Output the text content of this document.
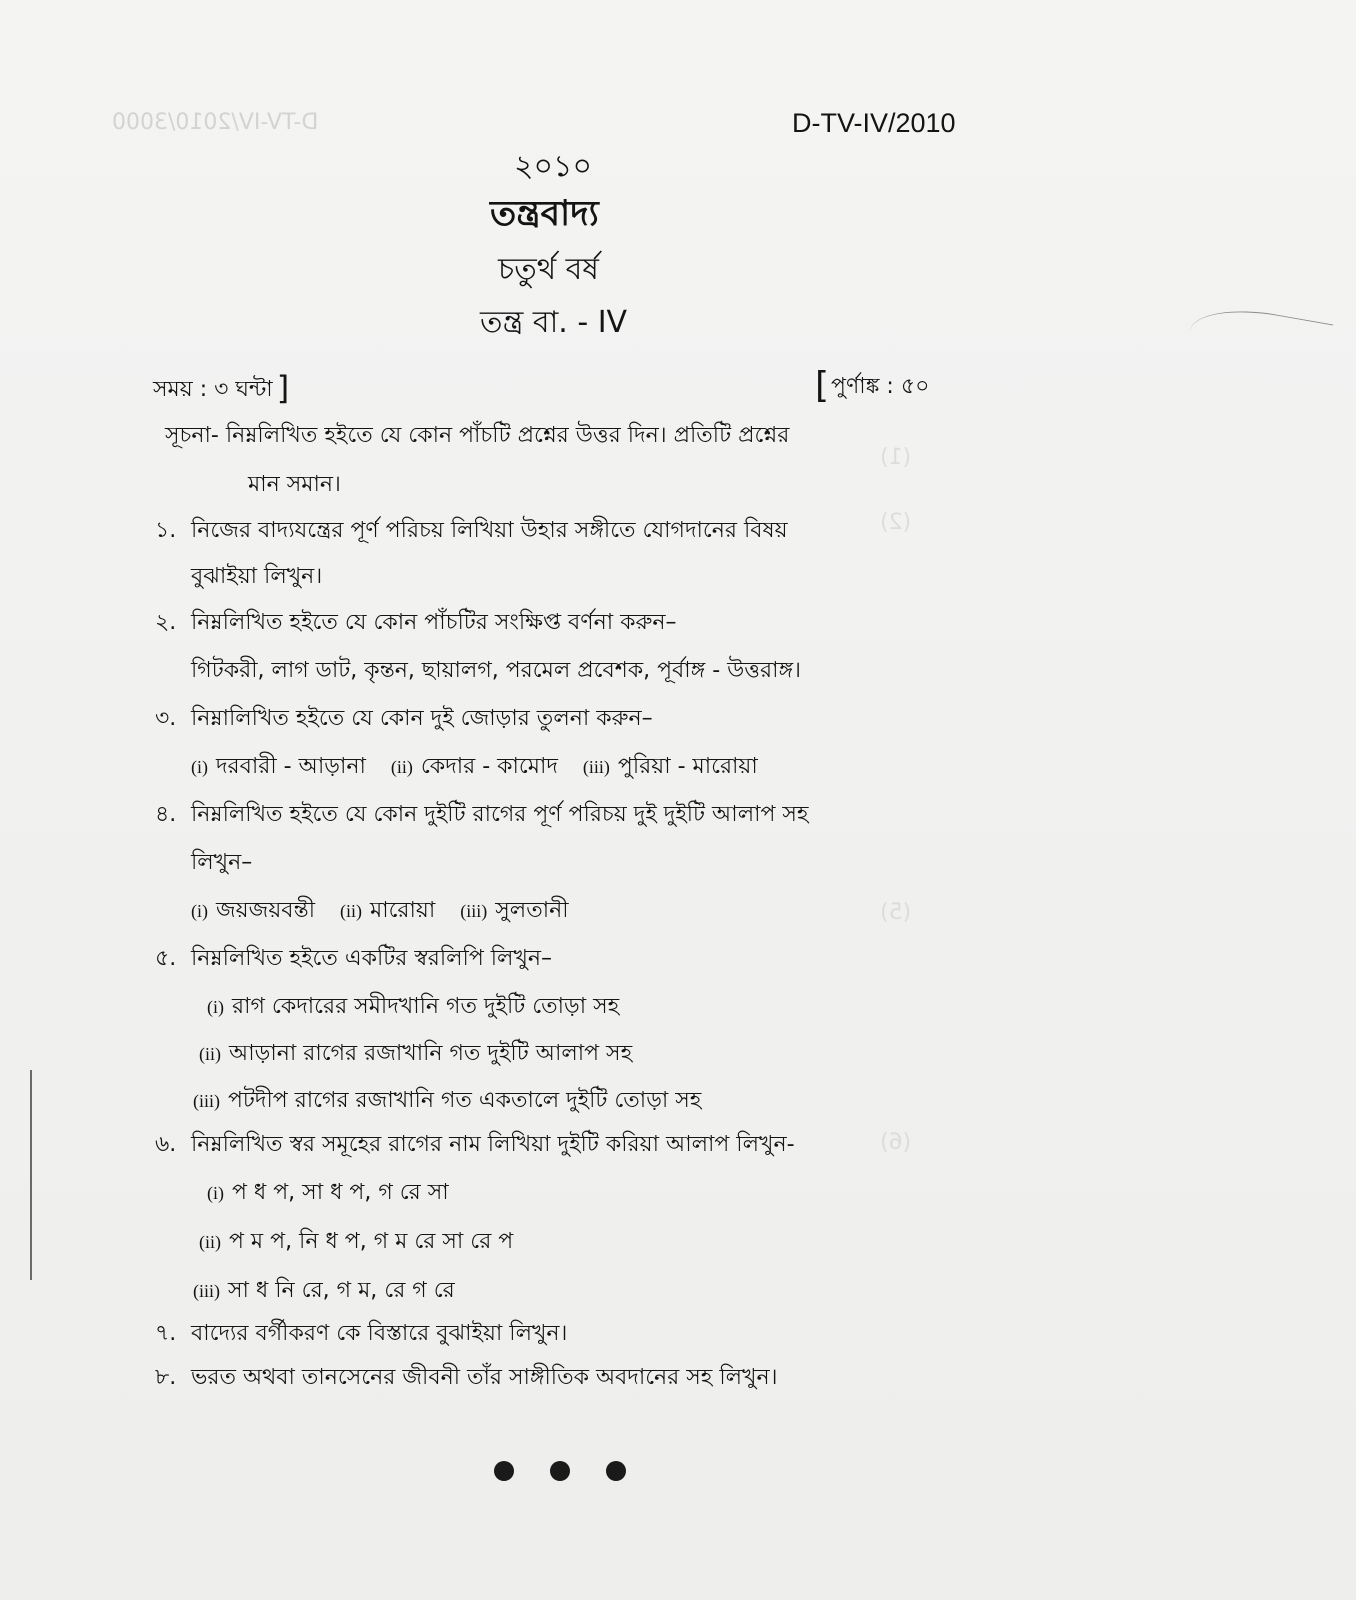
D-TV-IV/2010/3000
(1)
(2)
(5)
(6)
D-TV-IV/2010
২০১০
তন্ত্রবাদ্য
চতুর্থ বর্ষ
তন্ত্র বা. - IV
সময় : ৩ ঘন্টা ]	[পুর্ণাঙ্ক : ৫০
সূচনা- নিম্নলিখিত হইতে যে কোন পাঁচটি প্রশ্নের উত্তর দিন। প্রতিটি প্রশ্নের
মান সমান।
১. নিজের বাদ্যযন্ত্রের পূর্ণ পরিচয় লিখিয়া উহার সঙ্গীতে যোগদানের বিষয়
বুঝাইয়া লিখুন।
২. নিম্নলিখিত হইতে যে কোন পাঁচটির সংক্ষিপ্ত বর্ণনা করুন–
গিটকরী, লাগ ডাট, কৃন্তন, ছায়ালগ, পরমেল প্রবেশক, পূর্বাঙ্গ - উত্তরাঙ্গ।
৩. নিম্নালিখিত হইতে যে কোন দুই জোড়ার তুলনা করুন–
(i) দরবারী - আড়ানা (ii) কেদার - কামোদ (iii) পুরিয়া - মারোয়া
৪. নিম্নলিখিত হইতে যে কোন দুইটি রাগের পূর্ণ পরিচয় দুই দুইটি আলাপ সহ
লিখুন–
(i) জয়জয়বন্তী (ii) মারোয়া (iii) সুলতানী
৫. নিম্নলিখিত হইতে একটির স্বরলিপি লিখুন–
(i) রাগ কেদারের সমীদখানি গত দুইটি তোড়া সহ
(ii) আড়ানা রাগের রজাখানি গত দুইটি আলাপ সহ
(iii) পটদীপ রাগের রজাখানি গত একতালে দুইটি তোড়া সহ
৬. নিম্নলিখিত স্বর সমূহের রাগের নাম লিখিয়া দুইটি করিয়া আলাপ লিখুন-
(i) প ধ প, সা ধ প, গ রে সা
(ii) প ম প, নি ধ প, গ ম রে সা রে প
(iii) সা ধ নি রে, গ ম, রে গ রে
৭. বাদ্যের বর্গীকরণ কে বিস্তারে বুঝাইয়া লিখুন।
৮. ভরত অথবা তানসেনের জীবনী তাঁর সাঙ্গীতিক অবদানের সহ লিখুন।
